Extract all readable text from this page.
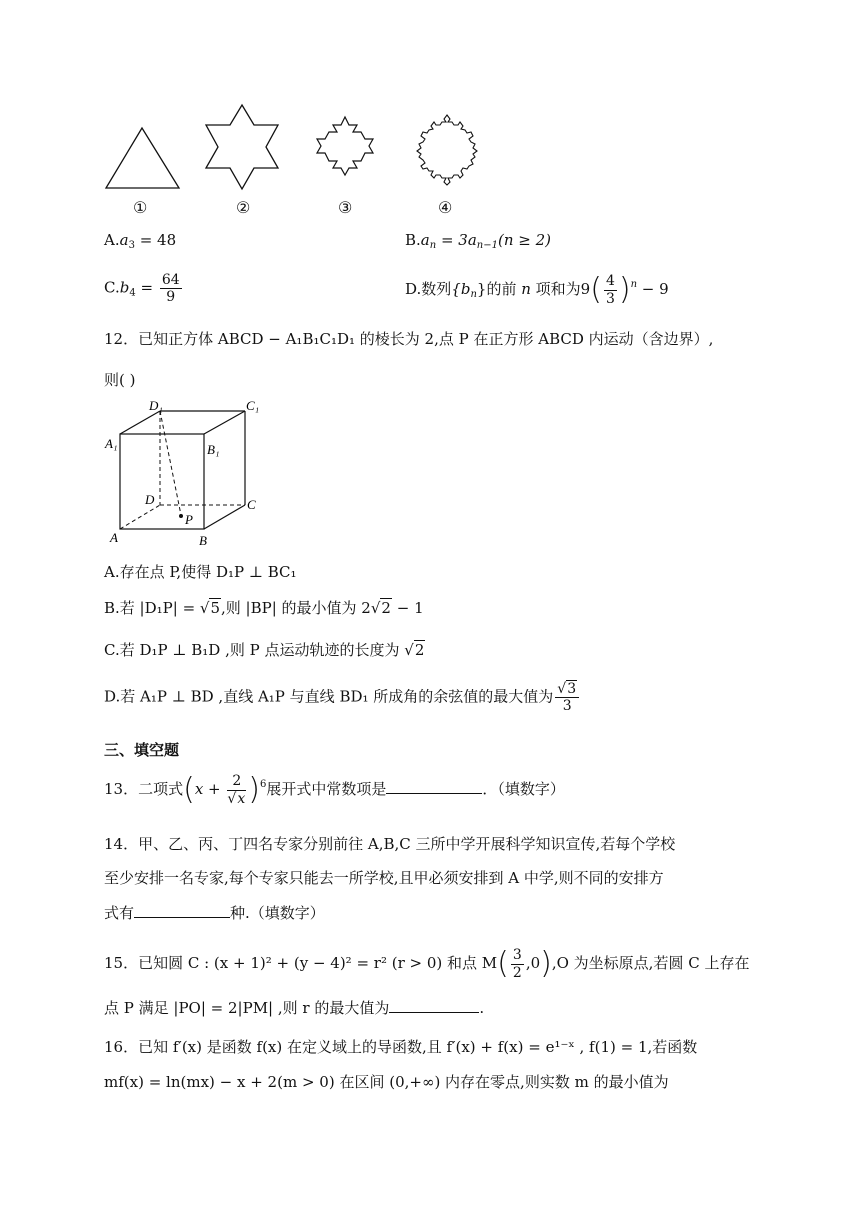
①	②	③	④
$A.a_3 = 48$	$B.a_n = 3a_{n-1}(n \ge 2)$
$C.b_4 = \frac{64}{9}$	D.数列$\{b_n\}$的前 n 项和为$9( \frac{4}{3} )^n - 9$
12．已知正方体 ABCD − A₁B₁C₁D₁ 的棱长为 2,点 P 在正方形 ABCD 内运动（含边界）,
则( )
D₁	C₁
A₁	B₁
D	C
P
A	B
A.存在点 P,使得 D₁P ⊥ BC₁
B.若 |D₁P| = √5,则 |BP| 的最小值为 2√2 − 1
C.若 D₁P ⊥ B₁D ,则 P 点运动轨迹的长度为 √2
D.若 A₁P ⊥ BD ,直线 A₁P 与直线 BD₁ 所成角的余弦值的最大值为 $\frac{√3}{3}$
三、填空题
13．二项式$(x + \frac{2}{√x} )^6$展开式中常数项是	．（填数字）
14．甲、乙、丙、丁四名专家分别前往 A,B,C 三所中学开展科学知识宣传,若每个学校
至少安排一名专家,每个专家只能去一所学校,且甲必须安排到 A 中学,则不同的安排方
式有	种.（填数字）
15．已知圆 C : (x + 1)² + (y − 4)² = r² (r > 0) 和点 $M( \frac{3}{2} ,0),O$ 为坐标原点,若圆 C 上存在
点 P 满足 |PO| = 2|PM| ,则 r 的最大值为	.
16．已知 f′(x) 是函数 f(x) 在定义域上的导函数,且 f′(x) + f(x) = e¹⁻ˣ , f(1) = 1,若函数
mf(x) = ln(mx) − x + 2(m > 0) 在区间 (0,+∞) 内存在零点,则实数 m 的最小值为
